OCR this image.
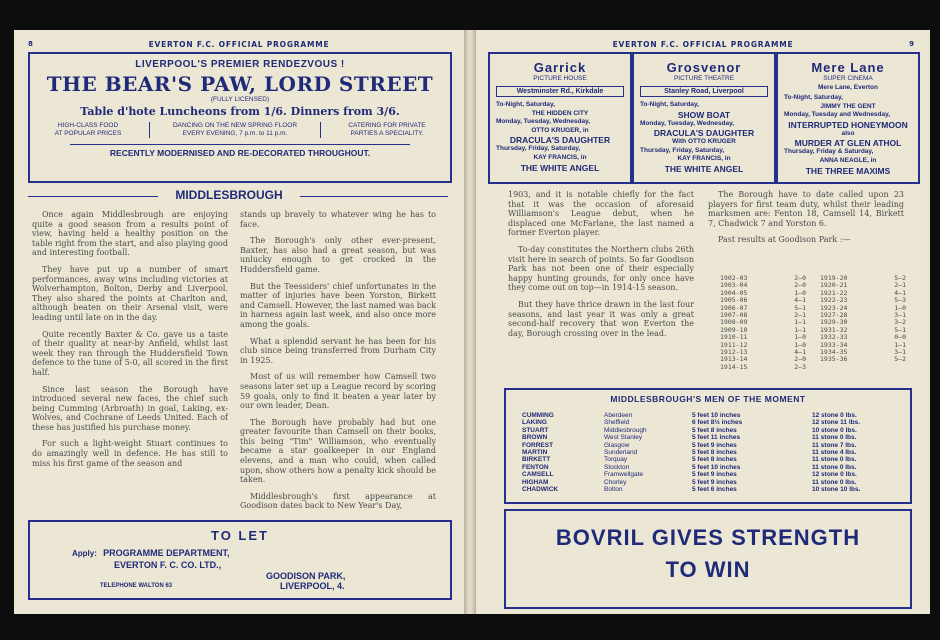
8	EVERTON F.C. OFFICIAL PROGRAMME
LIVERPOOL'S PREMIER RENDEZVOUS !
THE BEAR'S PAW, LORD STREET
(FULLY LICENSED)
Table d'hote Luncheons from 1/6. Dinners from 3/6.
HIGH-CLASS FOOD
AT POPULAR PRICES
DANCING ON THE NEW SPRING FLOOR
EVERY EVENING, 7 p.m. to 11 p.m.
CATERING FOR PRIVATE
PARTIES A SPECIALITY.
RECENTLY MODERNISED AND RE-DECORATED THROUGHOUT.
MIDDLESBROUGH

Once again Middlesbrough are enjoying quite a good season from a results point of view, having held a healthy position on the table right from the start, and also playing good and interesting football.

They have put up a number of smart performances, away wins including victories at Wolverhampton, Bolton, Derby and Liverpool. They also shared the points at Charlton and, although beaten on their Arsenal visit, were leading until late on in the day.

Quite recently Baxter & Co. gave us a taste of their quality at near-by Anfield, whilst last week they ran through the Huddersfield Town defence to the tune of 5-0, all scored in the first half.

Since last season the Borough have introduced several new faces, the chief such being Cumming (Arbroath) in goal, Laking, ex-Wolves, and Cochrane of Leeds United. Each of these has justified his purchase money.

For such a light-weight Stuart continues to do amazingly well in defence. He has still to miss his first game of the season and

stands up bravely to whatever wing he has to face.

The Borough's only other ever-present, Baxter, has also had a great season, but was unlucky enough to get crocked in the Huddersfield game.

But the Teessiders' chief unfortunates in the matter of injuries have been Yorston, Birkett and Camsell. However, the last named was back in harness again last week, and also once more among the goals.

What a splendid servant he has been for his club since being transferred from Durham City in 1925.

Most of us will remember how Camsell two seasons later set up a League record by scoring 59 goals, only to find it beaten a year later by our own leader, Dean.

The Borough have probably had but one greater favourite than Camsell on their books, this being "Tim" Williamson, who eventually became a star goalkeeper in our England elevens, and a man who could, when called upon, show others how a penalty kick should be taken.

Middlesbrough's first appearance at Goodison dates back to New Year's Day,

TO LET
Apply: PROGRAMME DEPARTMENT,
EVERTON F. C. CO. LTD.,
GOODISON PARK,
TELEPHONE WALTON 63	LIVERPOOL, 4.
EVERTON F.C. OFFICIAL PROGRAMME	9
Garrick
PICTURE HOUSE
Westminster Rd., Kirkdale
To-Night, Saturday,
THE HIDDEN CITY
Monday, Tuesday, Wednesday,
OTTO KRUGER, in
DRACULA'S DAUGHTER
Thursday, Friday, Saturday,
KAY FRANCIS, in
THE WHITE ANGEL
Grosvenor
PICTURE THEATRE
Stanley Road, Liverpool
To-Night, Saturday,
SHOW BOAT
Monday, Tuesday, Wednesday,
DRACULA'S DAUGHTER
With OTTO KRUGER
Thursday, Friday, Saturday,
KAY FRANCIS, in
THE WHITE ANGEL
Mere Lane
SUPER CINEMA
Mere Lane, Everton
To-Night, Saturday,
JIMMY THE GENT
Monday, Tuesday and Wednesday,
INTERRUPTED HONEYMOON
also
MURDER AT GLEN ATHOL
Thursday, Friday & Saturday,
ANNA NEAGLE, in
THE THREE MAXIMS

1903, and it is notable chiefly for the fact that it was the occasion of aforesaid Williamson's League debut, when he displaced one McFarlane, the last named a former Everton player.

To-day constitutes the Northern clubs 26th visit here in search of points. So far Goodison Park has not been one of their especially happy hunting grounds, for only once have they come out on top—in 1914-15 season.

But they have thrice drawn in the last four seasons, and last year it was only a great second-half recovery that won Everton the day, Borough crossing over in the lead.

The Borough have to date called upon 23 players for first team duty, whilst their leading marksmen are: Fenton 18, Camsell 14, Birkett 7, Chadwick 7 and Yorston 6.

Past results at Goodison Park :—
1902-03	2—0
1903-04	2—0
1904-05	1—0
1905-06	4—1
1906-07	5—1
1907-08	2—1
1908-09	1—1
1909-10	1—1
1910-11	1—0
1911-12	1—0
1912-13	4—1
1913-14	2—0
1914-15	2—3
1919-20	5—2
1920-21	2—1
1921-22	4—1
1922-23	5—3
1923-24	1—0
1927-28	3—1
1929-30	3—2
1931-32	5—1
1932-33	0—0
1933-34	1—1
1934-35	3—1
1935-36	5—2
MIDDLESBROUGH'S MEN OF THE MOMENT
CUMMING	Aberdeen	5 feet 10 inches	12 stone 0 lbs.
LAKING	Sheffield	6 feet 8½ inches	12 stone 11 lbs.
STUART	Middlesbrough	5 feet 8 inches	10 stone 0 lbs.
BROWN	West Stanley	5 feet 11 inches	11 stone 0 lbs.
FORREST	Glasgow	5 feet 9 inches	11 stone 7 lbs.
MARTIN	Sunderland	5 feet 8 inches	11 stone 4 lbs.
BIRKETT	Torquay	5 feet 8 inches	11 stone 0 lbs.
FENTON	Stockton	5 feet 10 inches	11 stone 0 lbs.
CAMSELL	Framwellgate	5 feet 9 inches	12 stone 0 lbs.
HIGHAM	Chorley	5 feet 9 inches	11 stone 0 lbs.
CHADWICK	Bolton	5 feet 6 inches	10 stone 10 lbs.
BOVRIL GIVES STRENGTH
TO WIN
